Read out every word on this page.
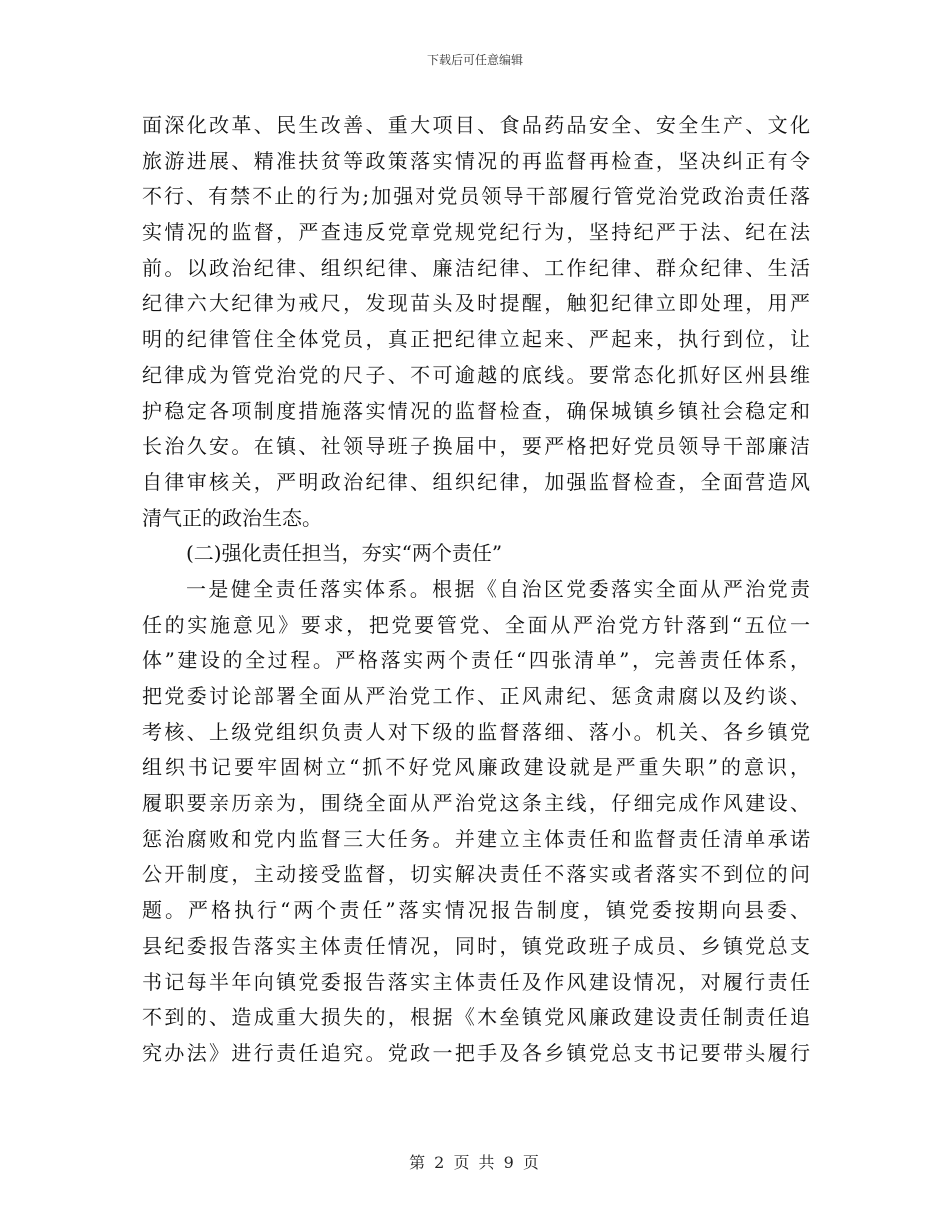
下载后可任意编辑
面深化改革、民生改善、重大项目、食品药品安全、安全生产、文化
旅游进展、精准扶贫等政策落实情况的再监督再检查，坚决纠正有令
不行、有禁不止的行为;加强对党员领导干部履行管党治党政治责任落
实情况的监督，严查违反党章党规党纪行为，坚持纪严于法、纪在法
前。以政治纪律、组织纪律、廉洁纪律、工作纪律、群众纪律、生活
纪律六大纪律为戒尺，发现苗头及时提醒，触犯纪律立即处理，用严
明的纪律管住全体党员，真正把纪律立起来、严起来，执行到位，让
纪律成为管党治党的尺子、不可逾越的底线。要常态化抓好区州县维
护稳定各项制度措施落实情况的监督检查，确保城镇乡镇社会稳定和
长治久安。在镇、社领导班子换届中，要严格把好党员领导干部廉洁
自律审核关，严明政治纪律、组织纪律，加强监督检查，全面营造风
清气正的政治生态。
(二)强化责任担当，夯实“两个责任”
一是健全责任落实体系。根据《自治区党委落实全面从严治党责
任的实施意见》要求，把党要管党、全面从严治党方针落到“五位一
体”建设的全过程。严格落实两个责任“四张清单”，完善责任体系，
把党委讨论部署全面从严治党工作、正风肃纪、惩贪肃腐以及约谈、
考核、上级党组织负责人对下级的监督落细、落小。机关、各乡镇党
组织书记要牢固树立“抓不好党风廉政建设就是严重失职”的意识，
履职要亲历亲为，围绕全面从严治党这条主线，仔细完成作风建设、
惩治腐败和党内监督三大任务。并建立主体责任和监督责任清单承诺
公开制度，主动接受监督，切实解决责任不落实或者落实不到位的问
题。严格执行“两个责任”落实情况报告制度，镇党委按期向县委、
县纪委报告落实主体责任情况，同时，镇党政班子成员、乡镇党总支
书记每半年向镇党委报告落实主体责任及作风建设情况，对履行责任
不到的、造成重大损失的，根据《木垒镇党风廉政建设责任制责任追
究办法》进行责任追究。党政一把手及各乡镇党总支书记要带头履行
第 2 页 共 9 页
